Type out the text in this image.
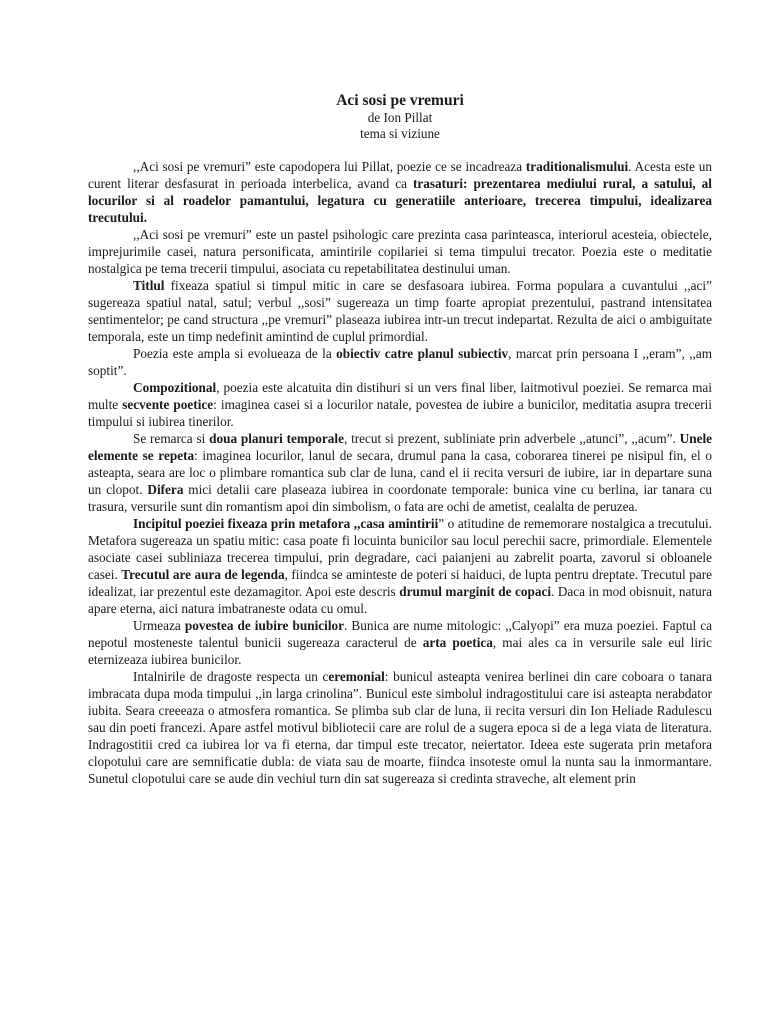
Aci sosi pe vremuri

de Ion Pillat

tema si viziune

,,Aci sosi pe vremuri” este capodopera lui Pillat, poezie ce se incadreaza traditionalismului. Acesta este un curent literar desfasurat in perioada interbelica, avand ca trasaturi: prezentarea mediului rural, a satului, al locurilor si al roadelor pamantului, legatura cu generatiile anterioare, trecerea timpului, idealizarea trecutului.

,,Aci sosi pe vremuri” este un pastel psihologic care prezinta casa parinteasca, interiorul acesteia, obiectele, imprejurimile casei, natura personificata, amintirile copilariei si tema timpului trecator. Poezia este o meditatie nostalgica pe tema trecerii timpului, asociata cu repetabilitatea destinului uman.

Titlul fixeaza spatiul si timpul mitic in care se desfasoara iubirea. Forma populara a cuvantului ,,aci” sugereaza spatiul natal, satul; verbul ,,sosi” sugereaza un timp foarte apropiat prezentului, pastrand intensitatea sentimentelor; pe cand structura ,,pe vremuri” plaseaza iubirea intr-un trecut indepartat. Rezulta de aici o ambiguitate temporala, este un timp nedefinit amintind de cuplul primordial.

Poezia este ampla si evolueaza de la obiectiv catre planul subiectiv, marcat prin persoana I ,,eram”, ,,am soptit”.

Compozitional, poezia este alcatuita din distihuri si un vers final liber, laitmotivul poeziei. Se remarca mai multe secvente poetice: imaginea casei si a locurilor natale, povestea de iubire a bunicilor, meditatia asupra trecerii timpului si iubirea tinerilor.

Se remarca si doua planuri temporale, trecut si prezent, subliniate prin adverbele ,,atunci”, ,,acum”. Unele elemente se repeta: imaginea locurilor, lanul de secara, drumul pana la casa, coborarea tinerei pe nisipul fin, el o asteapta, seara are loc o plimbare romantica sub clar de luna, cand el ii recita versuri de iubire, iar in departare suna un clopot. Difera mici detalii care plaseaza iubirea in coordonate temporale: bunica vine cu berlina, iar tanara cu trasura, versurile sunt din romantism apoi din simbolism, o fata are ochi de ametist, cealalta de peruzea.

Incipitul poeziei fixeaza prin metafora ,,casa amintirii” o atitudine de rememorare nostalgica a trecutului. Metafora sugereaza un spatiu mitic: casa poate fi locuinta bunicilor sau locul perechii sacre, primordiale. Elementele asociate casei subliniaza trecerea timpului, prin degradare, caci paianjeni au zabrelit poarta, zavorul si obloanele casei. Trecutul are aura de legenda, fiindca se aminteste de poteri si haiduci, de lupta pentru dreptate. Trecutul pare idealizat, iar prezentul este dezamagitor. Apoi este descris drumul marginit de copaci. Daca in mod obisnuit, natura apare eterna, aici natura imbatraneste odata cu omul.

Urmeaza povestea de iubire bunicilor. Bunica are nume mitologic: ,,Calyopi” era muza poeziei. Faptul ca nepotul mosteneste talentul bunicii sugereaza caracterul de arta poetica, mai ales ca in versurile sale eul liric eternizeaza iubirea bunicilor.

Intalnirile de dragoste respecta un ceremonial: bunicul asteapta venirea berlinei din care coboara o tanara imbracata dupa moda timpului ,,in larga crinolina”. Bunicul este simbolul indragostitului care isi asteapta nerabdator iubita. Seara creeeaza o atmosfera romantica. Se plimba sub clar de luna, ii recita versuri din Ion Heliade Radulescu sau din poeti francezi. Apare astfel motivul bibliotecii care are rolul de a sugera epoca si de a lega viata de literatura. Indragostitii cred ca iubirea lor va fi eterna, dar timpul este trecator, neiertator. Ideea este sugerata prin metafora clopotului care are semnificatie dubla: de viata sau de moarte, fiindca insoteste omul la nunta sau la inmormantare. Sunetul clopotului care se aude din vechiul turn din sat sugereaza si credinta straveche, alt element prin
